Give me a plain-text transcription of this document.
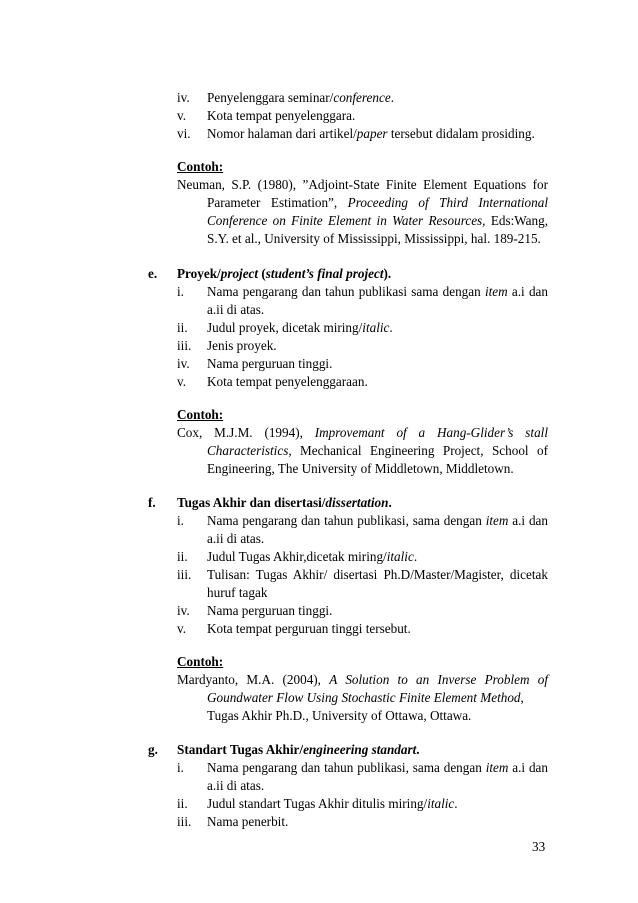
iv. Penyelenggara seminar/conference.
v. Kota tempat penyelenggara.
vi. Nomor halaman dari artikel/paper tersebut didalam prosiding.
Contoh:
Neuman, S.P. (1980), ”Adjoint-State Finite Element Equations for
Parameter Estimation”, Proceeding of Third International
Conference on Finite Element in Water Resources, Eds:Wang,
S.Y. et al., University of Mississippi, Mississippi, hal. 189-215.
e. Proyek/project (student’s final project).
i. Nama pengarang dan tahun publikasi sama dengan item a.i dan
a.ii di atas.
ii. Judul proyek, dicetak miring/italic.
iii. Jenis proyek.
iv. Nama perguruan tinggi.
v. Kota tempat penyelenggaraan.
Contoh:
Cox, M.J.M. (1994), Improvemant of a Hang-Glider’s stall
Characteristics, Mechanical Engineering Project, School of
Engineering, The University of Middletown, Middletown.
f. Tugas Akhir dan disertasi/dissertation.
i. Nama pengarang dan tahun publikasi, sama dengan item a.i dan
a.ii di atas.
ii. Judul Tugas Akhir,dicetak miring/italic.
iii. Tulisan: Tugas Akhir/ disertasi Ph.D/Master/Magister, dicetak
huruf tagak
iv. Nama perguruan tinggi.
v. Kota tempat perguruan tinggi tersebut.
Contoh:
Mardyanto, M.A. (2004), A Solution to an Inverse Problem of
Goundwater Flow Using Stochastic Finite Element Method,
Tugas Akhir Ph.D., University of Ottawa, Ottawa.
g. Standart Tugas Akhir/engineering standart.
i. Nama pengarang dan tahun publikasi, sama dengan item a.i dan
a.ii di atas.
ii. Judul standart Tugas Akhir ditulis miring/italic.
iii. Nama penerbit.
33
